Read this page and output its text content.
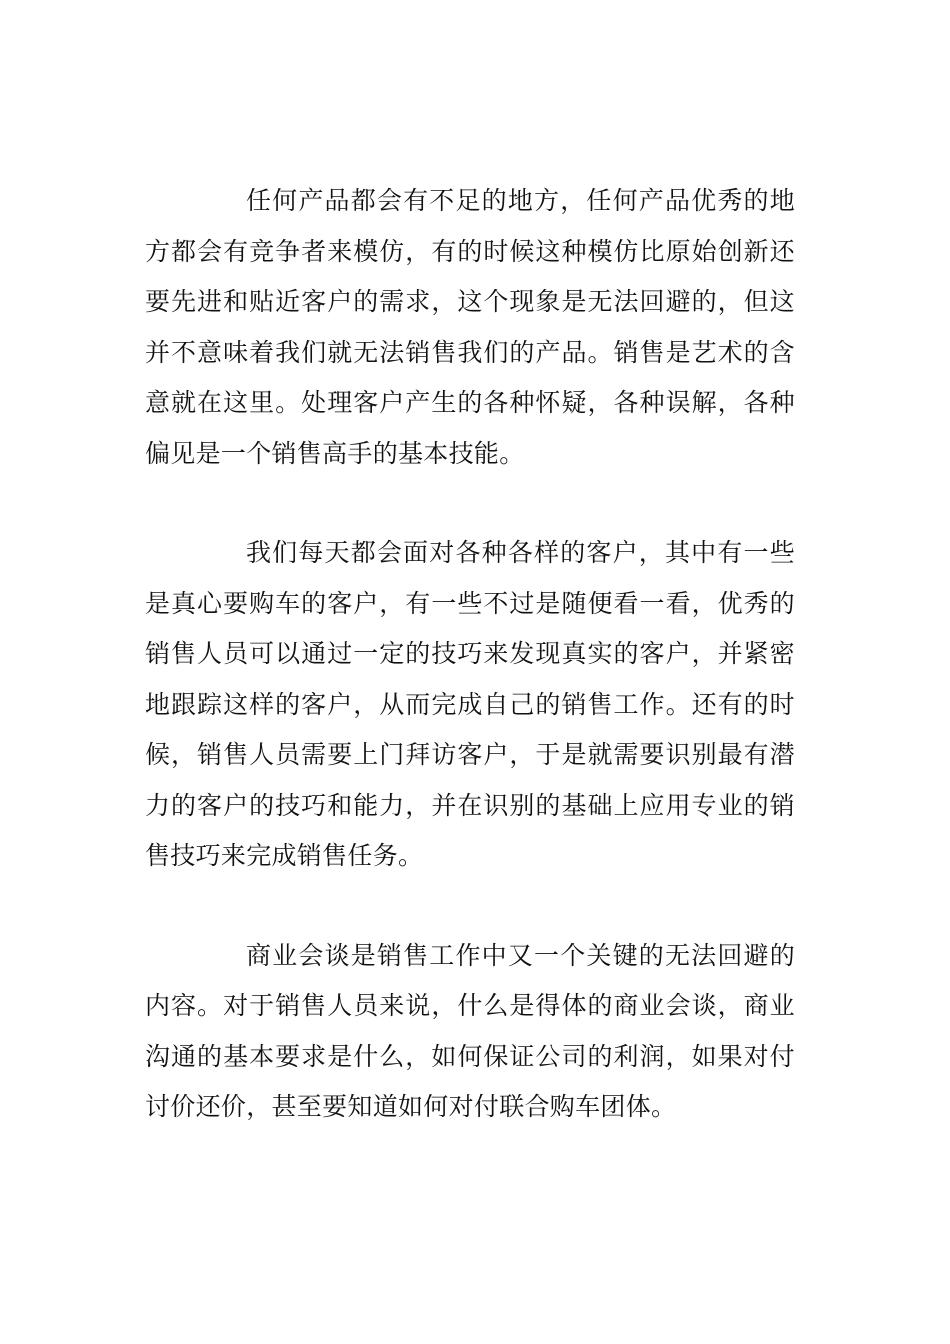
任何产品都会有不足的地方，任何产品优秀的地方都会有竞争者来模仿，有的时候这种模仿比原始创新还要先进和贴近客户的需求，这个现象是无法回避的，但这并不意味着我们就无法销售我们的产品。销售是艺术的含意就在这里。处理客户产生的各种怀疑，各种误解，各种偏见是一个销售高手的基本技能。

我们每天都会面对各种各样的客户，其中有一些是真心要购车的客户，有一些不过是随便看一看，优秀的销售人员可以通过一定的技巧来发现真实的客户，并紧密地跟踪这样的客户，从而完成自己的销售工作。还有的时候，销售人员需要上门拜访客户，于是就需要识别最有潜力的客户的技巧和能力，并在识别的基础上应用专业的销售技巧来完成销售任务。

商业会谈是销售工作中又一个关键的无法回避的内容。对于销售人员来说，什么是得体的商业会谈，商业沟通的基本要求是什么，如何保证公司的利润，如果对付讨价还价，甚至要知道如何对付联合购车团体。
